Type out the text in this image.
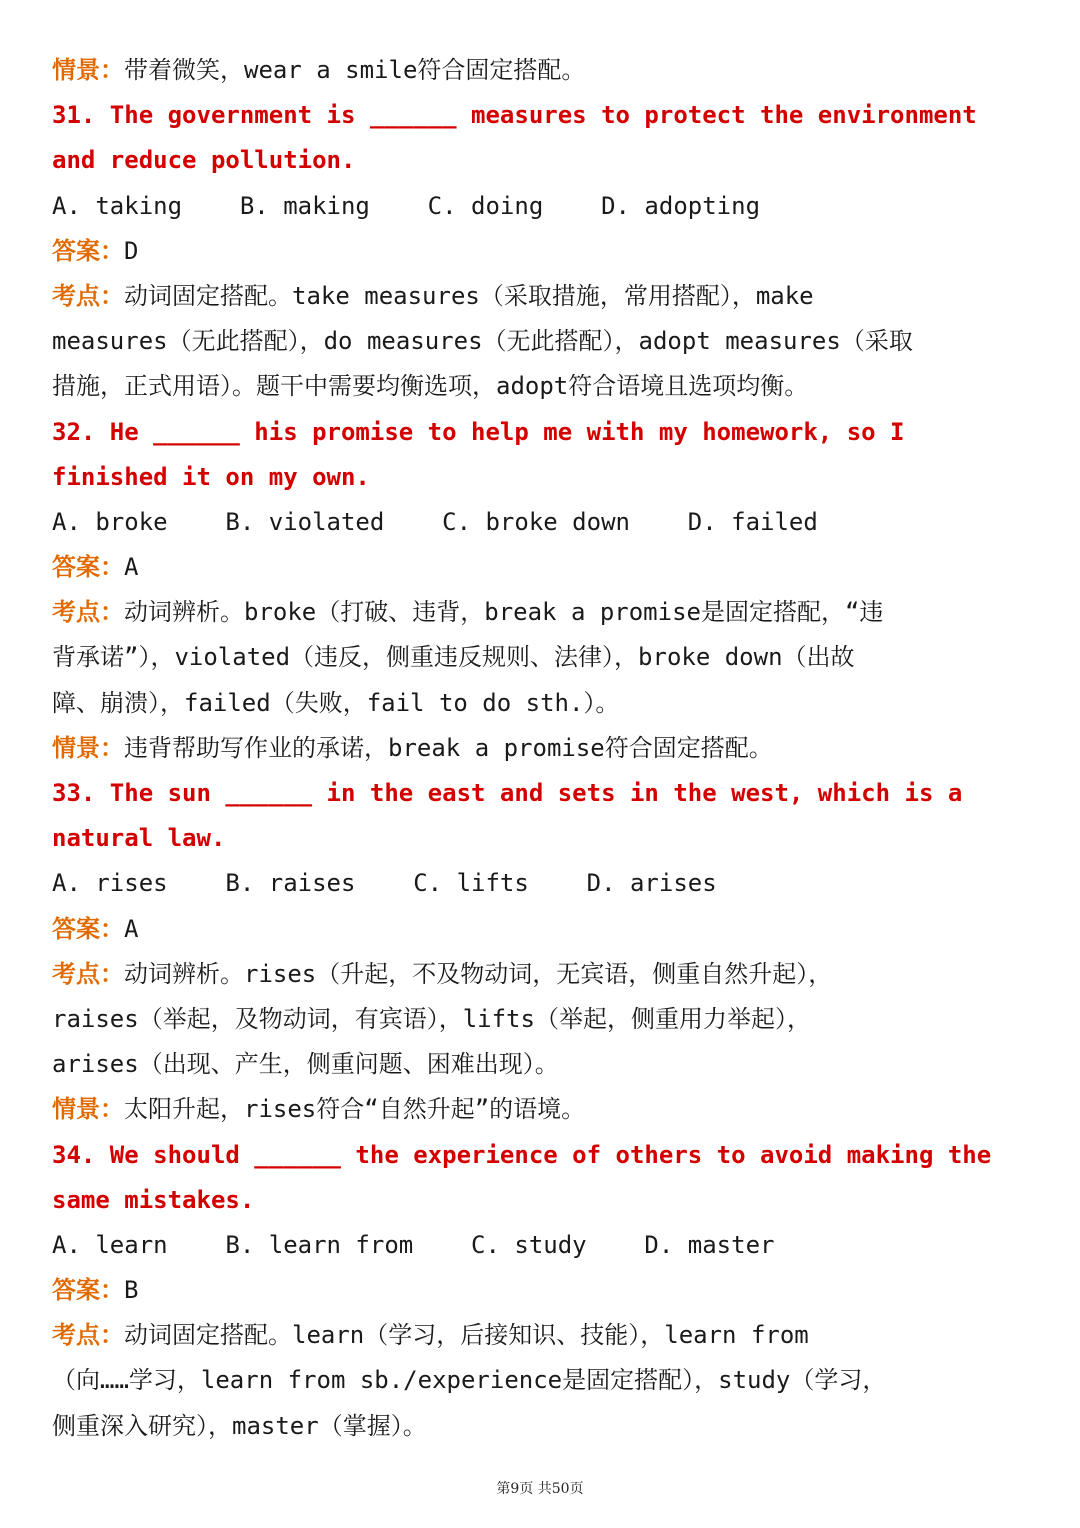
情景：带着微笑，wear a smile符合固定搭配。
31. The government is ______ measures to protect the environment
and reduce pollution.
A. taking    B. making    C. doing    D. adopting
答案：D
考点：动词固定搭配。take measures（采取措施，常用搭配），make
measures（无此搭配），do measures（无此搭配），adopt measures（采取
措施，正式用语）。题干中需要均衡选项，adopt符合语境且选项均衡。
32. He ______ his promise to help me with my homework, so I
finished it on my own.
A. broke    B. violated    C. broke down    D. failed
答案：A
考点：动词辨析。broke（打破、违背，break a promise是固定搭配，“违
背承诺”），violated（违反，侧重违反规则、法律），broke down（出故
障、崩溃），failed（失败，fail to do sth.）。
情景：违背帮助写作业的承诺，break a promise符合固定搭配。
33. The sun ______ in the east and sets in the west, which is a
natural law.
A. rises    B. raises    C. lifts    D. arises
答案：A
考点：动词辨析。rises（升起，不及物动词，无宾语，侧重自然升起），
raises（举起，及物动词，有宾语），lifts（举起，侧重用力举起），
arises（出现、产生，侧重问题、困难出现）。
情景：太阳升起，rises符合“自然升起”的语境。
34. We should ______ the experience of others to avoid making the
same mistakes.
A. learn    B. learn from    C. study    D. master
答案：B
考点：动词固定搭配。learn（学习，后接知识、技能），learn from
（向……学习，learn from sb./experience是固定搭配），study（学习，
侧重深入研究），master（掌握）。
第9页 共50页
